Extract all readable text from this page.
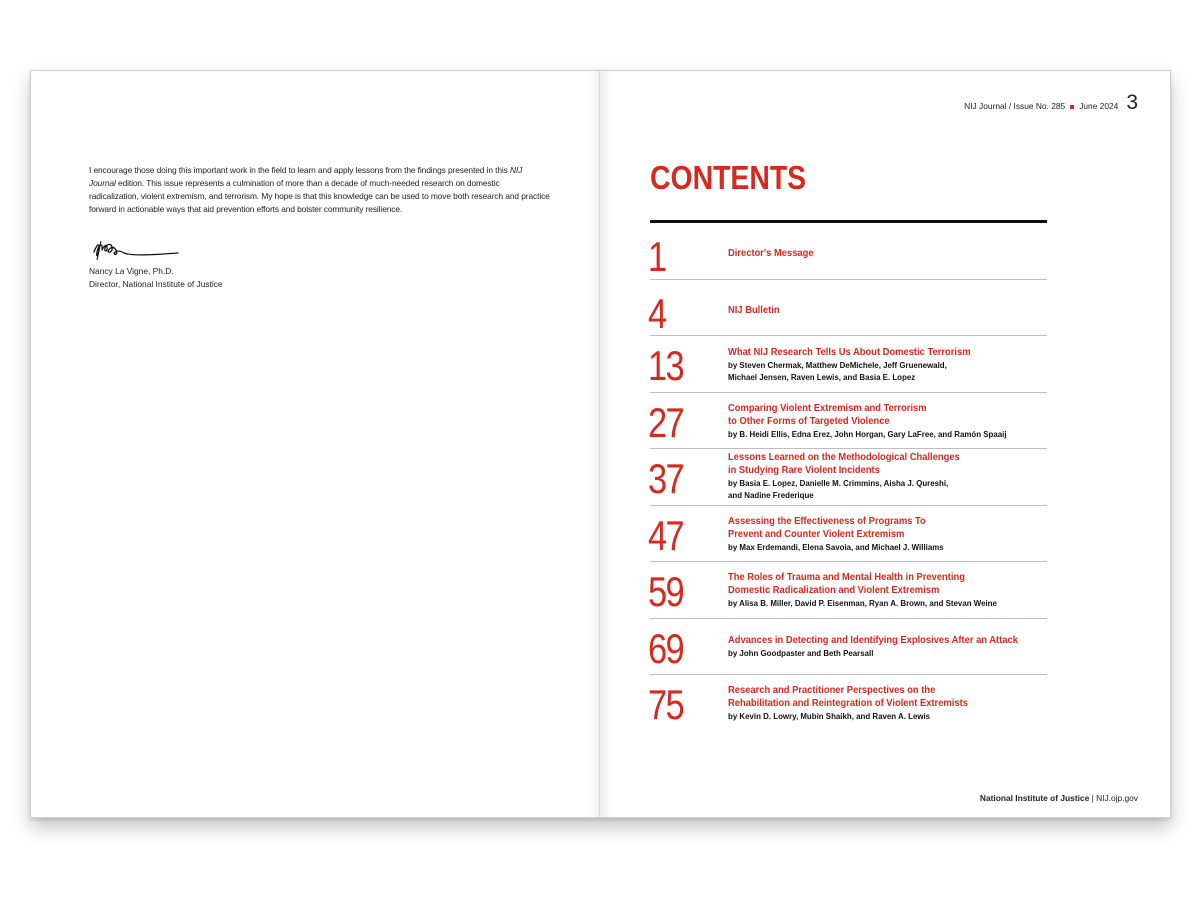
I encourage those doing this important work in the field to learn and apply lessons from the findings presented in this NIJ Journal edition. This issue represents a culmination of more than a decade of much-needed research on domestic radicalization, violent extremism, and terrorism. My hope is that this knowledge can be used to move both research and practice forward in actionable ways that aid prevention efforts and bolster community resilience.

Nancy La Vigne, Ph.D.
Director, National Institute of Justice
NIJ Journal / Issue No. 285 June 2024 3
CONTENTS
1	Director's Message
4	NIJ Bulletin
13	What NIJ Research Tells Us About Domestic Terrorism
by Steven Chermak, Matthew DeMichele, Jeff Gruenewald,
Michael Jensen, Raven Lewis, and Basia E. Lopez
27	Comparing Violent Extremism and Terrorism
to Other Forms of Targeted Violence
by B. Heidi Ellis, Edna Erez, John Horgan, Gary LaFree, and Ramón Spaaij
37	Lessons Learned on the Methodological Challenges
in Studying Rare Violent Incidents
by Basia E. Lopez, Danielle M. Crimmins, Aisha J. Qureshi,
and Nadine Frederique
47	Assessing the Effectiveness of Programs To
Prevent and Counter Violent Extremism
by Max Erdemandi, Elena Savoia, and Michael J. Williams
59	The Roles of Trauma and Mental Health in Preventing
Domestic Radicalization and Violent Extremism
by Alisa B. Miller, David P. Eisenman, Ryan A. Brown, and Stevan Weine
69	Advances in Detecting and Identifying Explosives After an Attack
by John Goodpaster and Beth Pearsall
75	Research and Practitioner Perspectives on the
Rehabilitation and Reintegration of Violent Extremists
by Kevin D. Lowry, Mubin Shaikh, and Raven A. Lewis
National Institute of Justice | NIJ.ojp.gov
